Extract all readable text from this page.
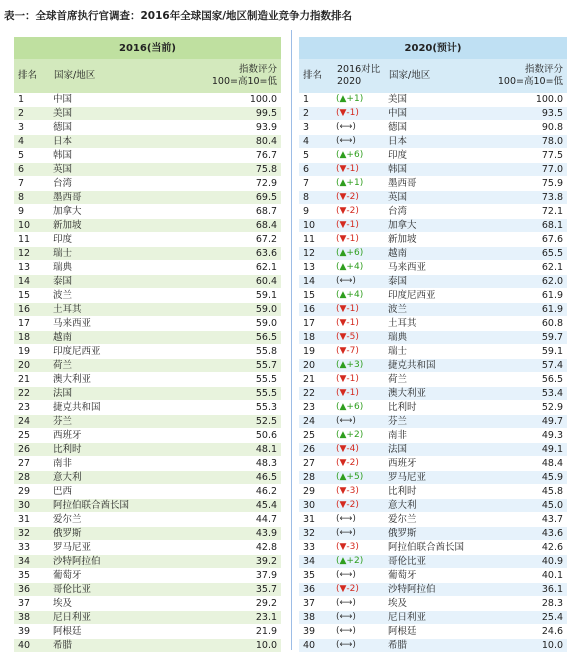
表一：全球首席执行官调查：2016年全球国家/地区制造业竞争力指数排名
2016(当前)		
排名	国家/地区	指数评分
100=高10=低
1	中国	100.0
2	美国	99.5
3	德国	93.9
4	日本	80.4
5	韩国	76.7
6	英国	75.8
7	台湾	72.9
8	墨西哥	69.5
9	加拿大	68.7
10	新加坡	68.4
11	印度	67.2
12	瑞士	63.6
13	瑞典	62.1
14	泰国	60.4
15	波兰	59.1
16	土耳其	59.0
17	马来西亚	59.0
18	越南	56.5
19	印度尼西亚	55.8
20	荷兰	55.7
21	澳大利亚	55.5
22	法国	55.5
23	捷克共和国	55.3
24	芬兰	52.5
25	西班牙	50.6
26	比利时	48.1
27	南非	48.3
28	意大利	46.5
29	巴西	46.2
30	阿拉伯联合酋长国	45.4
31	爱尔兰	44.7
32	俄罗斯	43.9
33	罗马尼亚	42.8
34	沙特阿拉伯	39.2
35	葡萄牙	37.9
36	哥伦比亚	35.7
37	埃及	29.2
38	尼日利亚	23.1
39	阿根廷	21.9
40	希腊	10.0
2020(预计)			
排名	2016对比
2020	国家/地区	指数评分
100=高10=低
1	(▲+1)	美国	100.0
2	(▼-1)	中国	93.5
3	(⟷)	德国	90.8
4	(⟷)	日本	78.0
5	(▲+6)	印度	77.5
6	(▼-1)	韩国	77.0
7	(▲+1)	墨西哥	75.9
8	(▼-2)	英国	73.8
9	(▼-2)	台湾	72.1
10	(▼-1)	加拿大	68.1
11	(▼-1)	新加坡	67.6
12	(▲+6)	越南	65.5
13	(▲+4)	马来西亚	62.1
14	(⟷)	泰国	62.0
15	(▲+4)	印度尼西亚	61.9
16	(▼-1)	波兰	61.9
17	(▼-1)	土耳其	60.8
18	(▼-5)	瑞典	59.7
19	(▼-7)	瑞士	59.1
20	(▲+3)	捷克共和国	57.4
21	(▼-1)	荷兰	56.5
22	(▼-1)	澳大利亚	53.4
23	(▲+6)	比利时	52.9
24	(⟷)	芬兰	49.7
25	(▲+2)	南非	49.3
26	(▼-4)	法国	49.1
27	(▼-2)	西班牙	48.4
28	(▲+5)	罗马尼亚	45.9
29	(▼-3)	比利时	45.8
30	(▼-2)	意大利	45.0
31	(⟷)	爱尔兰	43.7
32	(⟷)	俄罗斯	43.6
33	(▼-3)	阿拉伯联合酋长国	42.6
34	(▲+2)	哥伦比亚	40.9
35	(⟷)	葡萄牙	40.1
36	(▼-2)	沙特阿拉伯	36.1
37	(⟷)	埃及	28.3
38	(⟷)	尼日利亚	25.4
39	(⟷)	阿根廷	24.6
40	(⟷)	希腊	10.0
